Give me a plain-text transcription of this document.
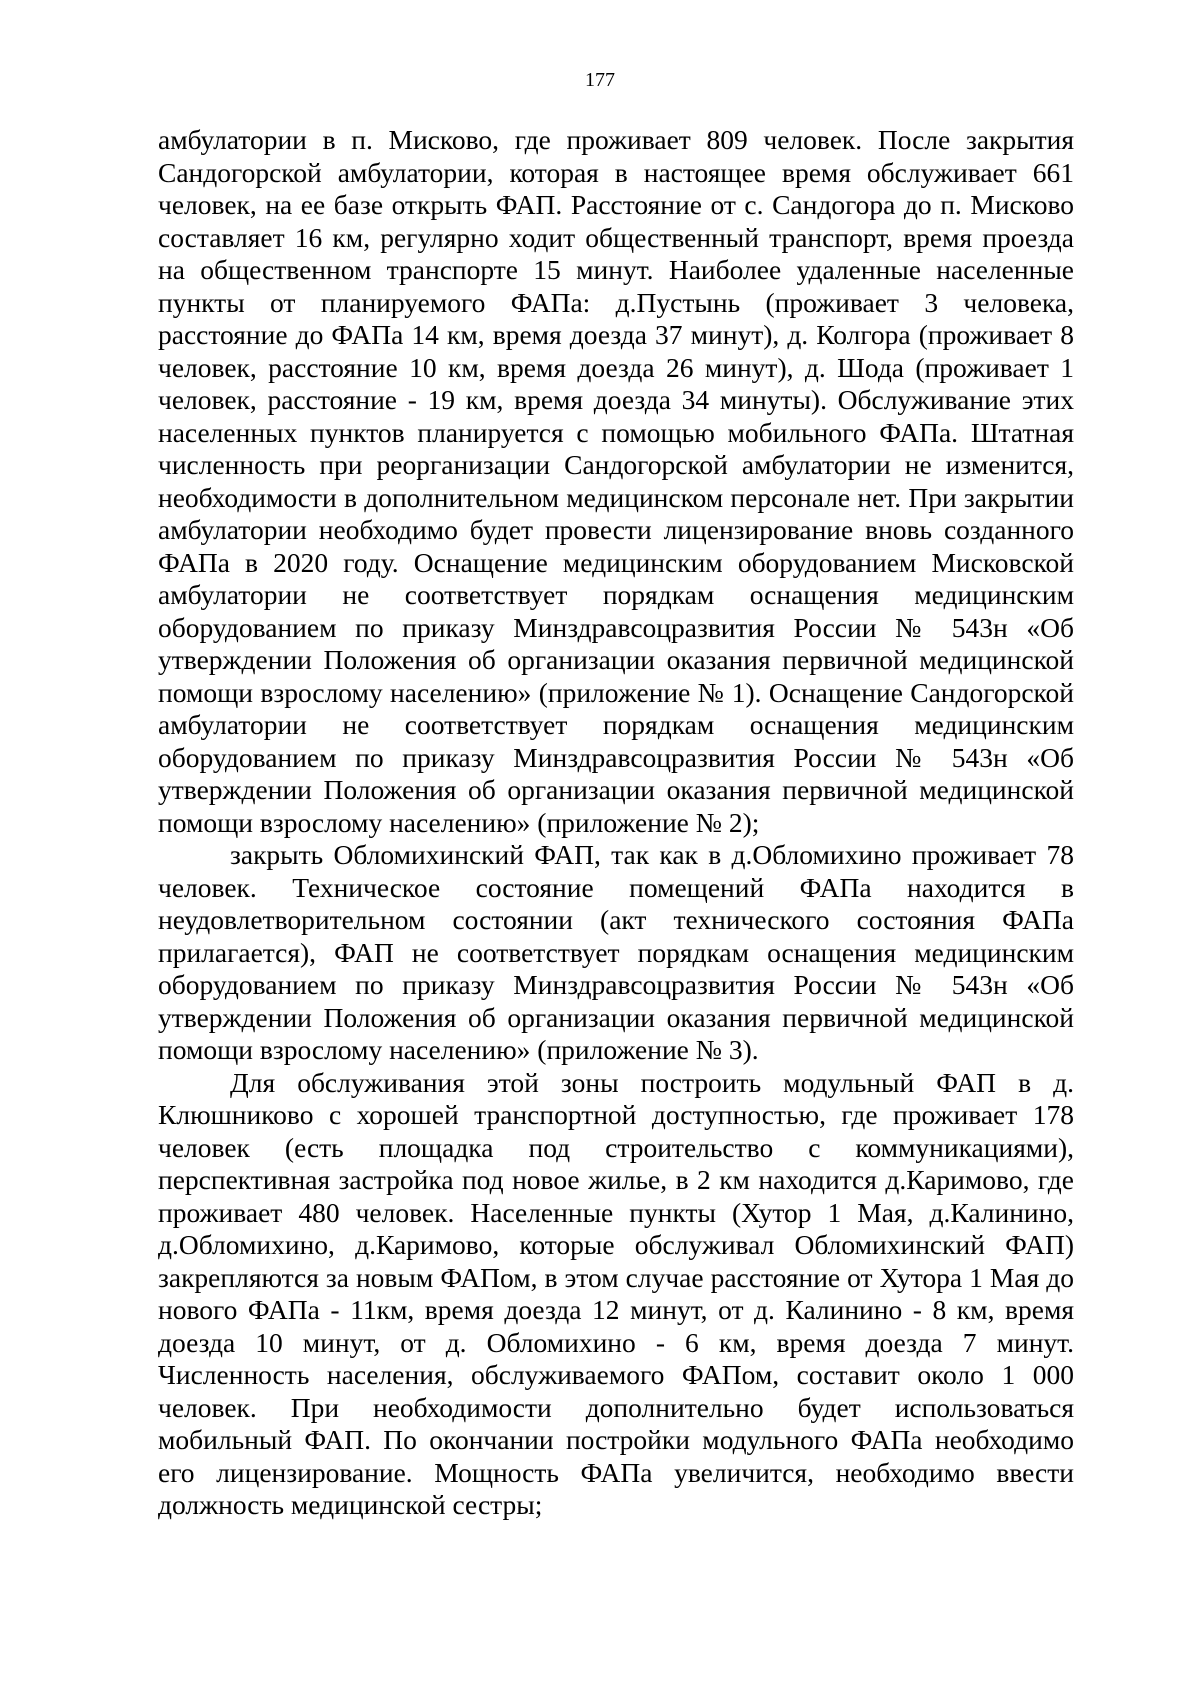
177

амбулатории в п. Мисково, где проживает 809 человек. После закрытия Сандогорской амбулатории, которая в настоящее время обслуживает 661 человек, на ее базе открыть ФАП. Расстояние от с. Сандогора до п. Мисково составляет 16 км, регулярно ходит общественный транспорт, время проезда на общественном транспорте 15 минут. Наиболее удаленные населенные пункты от планируемого ФАПа: д.Пустынь (проживает 3 человека, расстояние до ФАПа 14 км, время доезда 37 минут), д. Колгора (проживает 8 человек, расстояние 10 км, время доезда 26 минут), д. Шода (проживает 1 человек, расстояние - 19 км, время доезда 34 минуты). Обслуживание этих населенных пунктов планируется с помощью мобильного ФАПа. Штатная численность при реорганизации Сандогорской амбулатории не изменится, необходимости в дополнительном медицинском персонале нет. При закрытии амбулатории необходимо будет провести лицензирование вновь созданного ФАПа в 2020 году. Оснащение медицинским оборудованием Мисковской амбулатории не соответствует порядкам оснащения медицинским оборудованием по приказу Минздравсоцразвития России № 543н «Об утверждении Положения об организации оказания первичной медицинской помощи взрослому населению» (приложение № 1). Оснащение Сандогорской амбулатории не соответствует порядкам оснащения медицинским оборудованием по приказу Минздравсоцразвития России № 543н «Об утверждении Положения об организации оказания первичной медицинской помощи взрослому населению» (приложение № 2);

закрыть Обломихинский ФАП, так как в д.Обломихино проживает 78 человек. Техническое состояние помещений ФАПа находится в неудовлетворительном состоянии (акт технического состояния ФАПа прилагается), ФАП не соответствует порядкам оснащения медицинским оборудованием по приказу Минздравсоцразвития России № 543н «Об утверждении Положения об организации оказания первичной медицинской помощи взрослому населению» (приложение № 3).

Для обслуживания этой зоны построить модульный ФАП в д. Клюшниково с хорошей транспортной доступностью, где проживает 178 человек (есть площадка под строительство с коммуникациями), перспективная застройка под новое жилье, в 2 км находится д.Каримово, где проживает 480 человек. Населенные пункты (Хутор 1 Мая, д.Калинино, д.Обломихино, д.Каримово, которые обслуживал Обломихинский ФАП) закрепляются за новым ФАПом, в этом случае расстояние от Хутора 1 Мая до нового ФАПа - 11км, время доезда 12 минут, от д. Калинино - 8 км, время доезда 10 минут, от д. Обломихино - 6 км, время доезда 7 минут. Численность населения, обслуживаемого ФАПом, составит около 1 000 человек. При необходимости дополнительно будет использоваться мобильный ФАП. По окончании постройки модульного ФАПа необходимо его лицензирование. Мощность ФАПа увеличится, необходимо ввести должность медицинской сестры;
